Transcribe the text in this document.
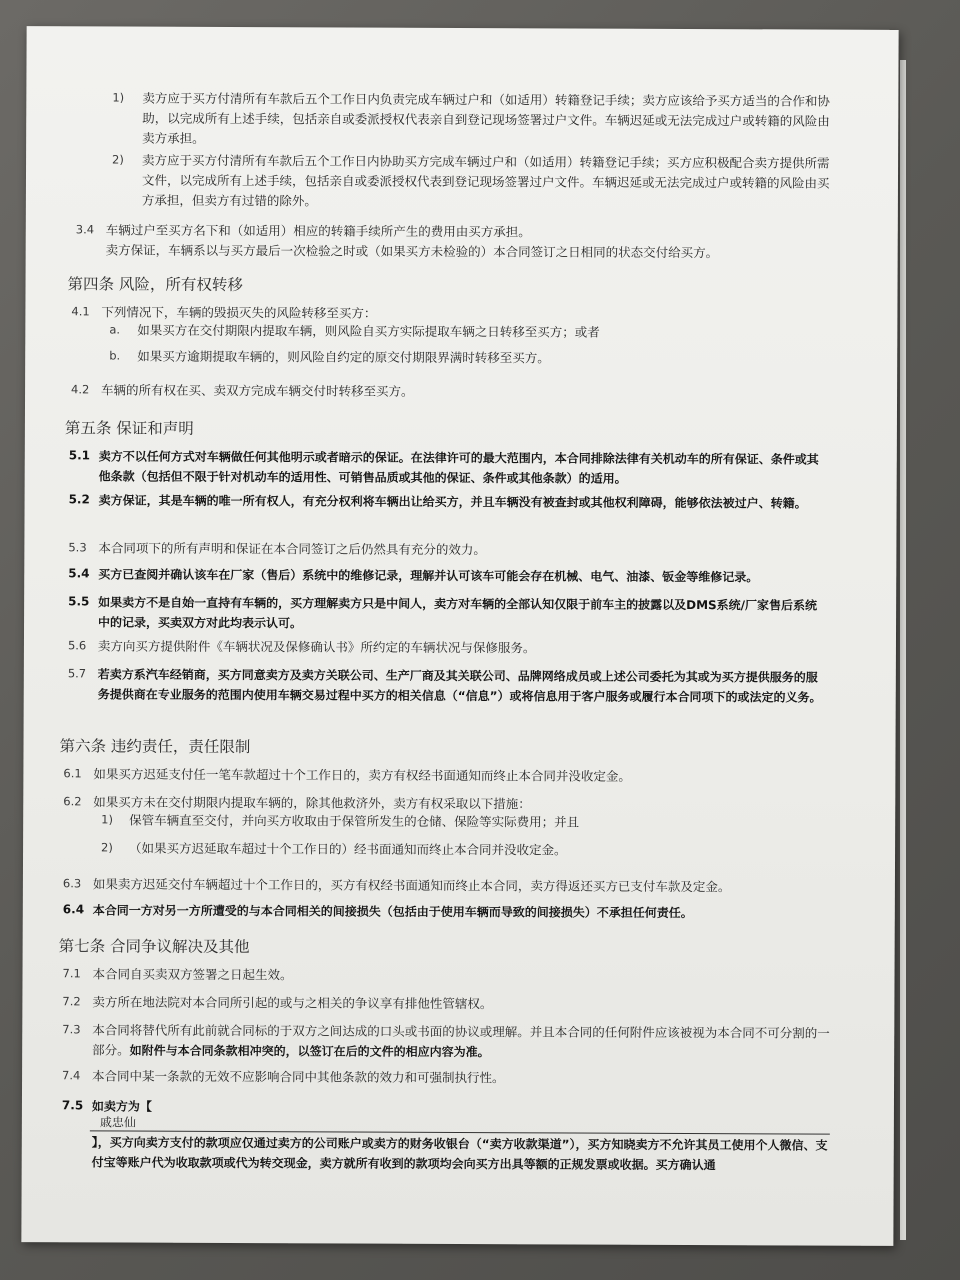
1) 卖方应于买方付清所有车款后五个工作日内负责完成车辆过户和（如适用）转籍登记手续；卖方应该给予买方适当的合作和协助，以完成所有上述手续，包括亲自或委派授权代表亲自到登记现场签署过户文件。车辆迟延或无法完成过户或转籍的风险由卖方承担。
2) 卖方应于买方付清所有车款后五个工作日内协助买方完成车辆过户和（如适用）转籍登记手续；买方应积极配合卖方提供所需文件，以完成所有上述手续，包括亲自或委派授权代表到登记现场签署过户文件。车辆迟延或无法完成过户或转籍的风险由买方承担，但卖方有过错的除外。
3.4 车辆过户至买方名下和（如适用）相应的转籍手续所产生的费用由买方承担。
卖方保证，车辆系以与买方最后一次检验之时或（如果买方未检验的）本合同签订之日相同的状态交付给买方。
第四条 风险，所有权转移
4.1 下列情况下，车辆的毁损灭失的风险转移至买方：
a. 如果买方在交付期限内提取车辆，则风险自买方实际提取车辆之日转移至买方；或者
b. 如果买方逾期提取车辆的，则风险自约定的原交付期限界满时转移至买方。
4.2 车辆的所有权在买、卖双方完成车辆交付时转移至买方。
第五条 保证和声明
5.1 卖方不以任何方式对车辆做任何其他明示或者暗示的保证。在法律许可的最大范围内，本合同排除法律有关机动车的所有保证、条件或其他条款（包括但不限于针对机动车的适用性、可销售品质或其他的保证、条件或其他条款）的适用。
5.2 卖方保证，其是车辆的唯一所有权人，有充分权利将车辆出让给买方，并且车辆没有被查封或其他权利障碍，能够依法被过户、转籍。
5.3 本合同项下的所有声明和保证在本合同签订之后仍然具有充分的效力。
5.4 买方已查阅并确认该车在厂家（售后）系统中的维修记录，理解并认可该车可能会存在机械、电气、油漆、钣金等维修记录。
5.5 如果卖方不是自始一直持有车辆的，买方理解卖方只是中间人，卖方对车辆的全部认知仅限于前车主的披露以及DMS系统/厂家售后系统中的记录，买卖双方对此均表示认可。
5.6 卖方向买方提供附件《车辆状况及保修确认书》所约定的车辆状况与保修服务。
5.7 若卖方系汽车经销商，买方同意卖方及卖方关联公司、生产厂商及其关联公司、品牌网络成员或上述公司委托为其或为买方提供服务的服务提供商在专业服务的范围内使用车辆交易过程中买方的相关信息（“信息”）或将信息用于客户服务或履行本合同项下的或法定的义务。
第六条 违约责任，责任限制
6.1 如果买方迟延支付任一笔车款超过十个工作日的，卖方有权经书面通知而终止本合同并没收定金。
6.2 如果买方未在交付期限内提取车辆的，除其他救济外，卖方有权采取以下措施：
1) 保管车辆直至交付，并向买方收取由于保管所发生的仓储、保险等实际费用；并且
2) （如果买方迟延取车超过十个工作日的）经书面通知而终止本合同并没收定金。
6.3 如果卖方迟延交付车辆超过十个工作日的，买方有权经书面通知而终止本合同，卖方得返还买方已支付车款及定金。
6.4 本合同一方对另一方所遭受的与本合同相关的间接损失（包括由于使用车辆而导致的间接损失）不承担任何责任。
第七条 合同争议解决及其他
7.1 本合同自买卖双方签署之日起生效。
7.2 卖方所在地法院对本合同所引起的或与之相关的争议享有排他性管辖权。
7.3 本合同将替代所有此前就合同标的于双方之间达成的口头或书面的协议或理解。并且本合同的任何附件应该被视为本合同不可分割的一部分。如附件与本合同条款相冲突的，以签订在后的文件的相应内容为准。
7.4 本合同中某一条款的无效不应影响合同中其他条款的效力和可强制执行性。
7.5 如卖方为【
戚忠仙
】，买方向卖方支付的款项应仅通过卖方的公司账户或卖方的财务收银台（“卖方收款渠道”），买方知晓卖方不允许其员工使用个人微信、支付宝等账户代为收取款项或代为转交现金，卖方就所有收到的款项均会向买方出具等额的正规发票或收据。买方确认通
